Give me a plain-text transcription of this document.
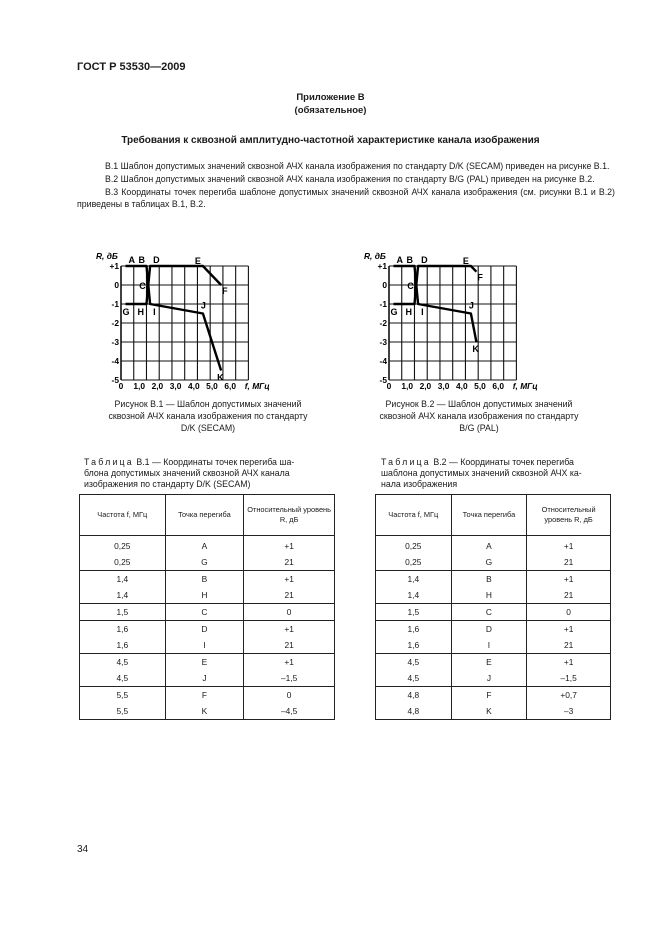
ГОСТ Р 53530—2009
Приложение В
(обязательное)
Требования к сквозной амплитудно-частотной характеристике канала изображения

В.1 Шаблон допустимых значений сквозной АЧХ канала изображения по стандарту D/K (SECAM) приведен на рисунке В.1.

В.2 Шаблон допустимых значений сквозной АЧХ канала изображения по стандарту B/G (PAL) приведен на рисунке В.2.

В.3 Координаты точек перегиба шаблоне допустимых значений сквозной АЧХ канала изображения (см. рисунки В.1 и В.2) приведены в таблицах В.1, В.2.

+1
0
-1
-2
-3
-4
-5
0 1,0 2,0 3,0 4,0 5,0 6,0
R, дБ
f, МГц
A B D
C
E
F
G H I
J
K
+1
0
-1
-2
-3
-4
-5
0 1,0 2,0 3,0 4,0 5,0 6,0
R, дБ
f, МГц
A B D
C
E
F
G H I
J
K
Рисунок В.1 — Шаблон допустимых значений
сквозной АЧХ канала изображения по стандарту
D/K (SECAM)
Рисунок В.2 — Шаблон допустимых значений
сквозной АЧХ канала изображения по стандарту
B/G (PAL)
Таблица В.1 — Координаты точек перегиба ша-
блона допустимых значений сквозной АЧХ канала
изображения по стандарту D/K (SECAM)
Таблица В.2 — Координаты точек перегиба
шаблона допустимых значений сквозной АЧХ ка-
нала изображения
Частота f, МГц	Точка перегиба	Относительный уровень R, дБ
0,25	A	+1
0,25	G	21
1,4	B	+1
1,4	H	21
1,5	C	0
1,6	D	+1
1,6	I	21
4,5	E	+1
4,5	J	–1,5
5,5	F	0
5,5	K	–4,5
Частота f, МГц	Точка перегиба	Относительный уровень R, дБ
0,25	A	+1
0,25	G	21
1,4	B	+1
1,4	H	21
1,5	C	0
1,6	D	+1
1,6	I	21
4,5	E	+1
4,5	J	–1,5
4,8	F	+0,7
4,8	K	–3
34
